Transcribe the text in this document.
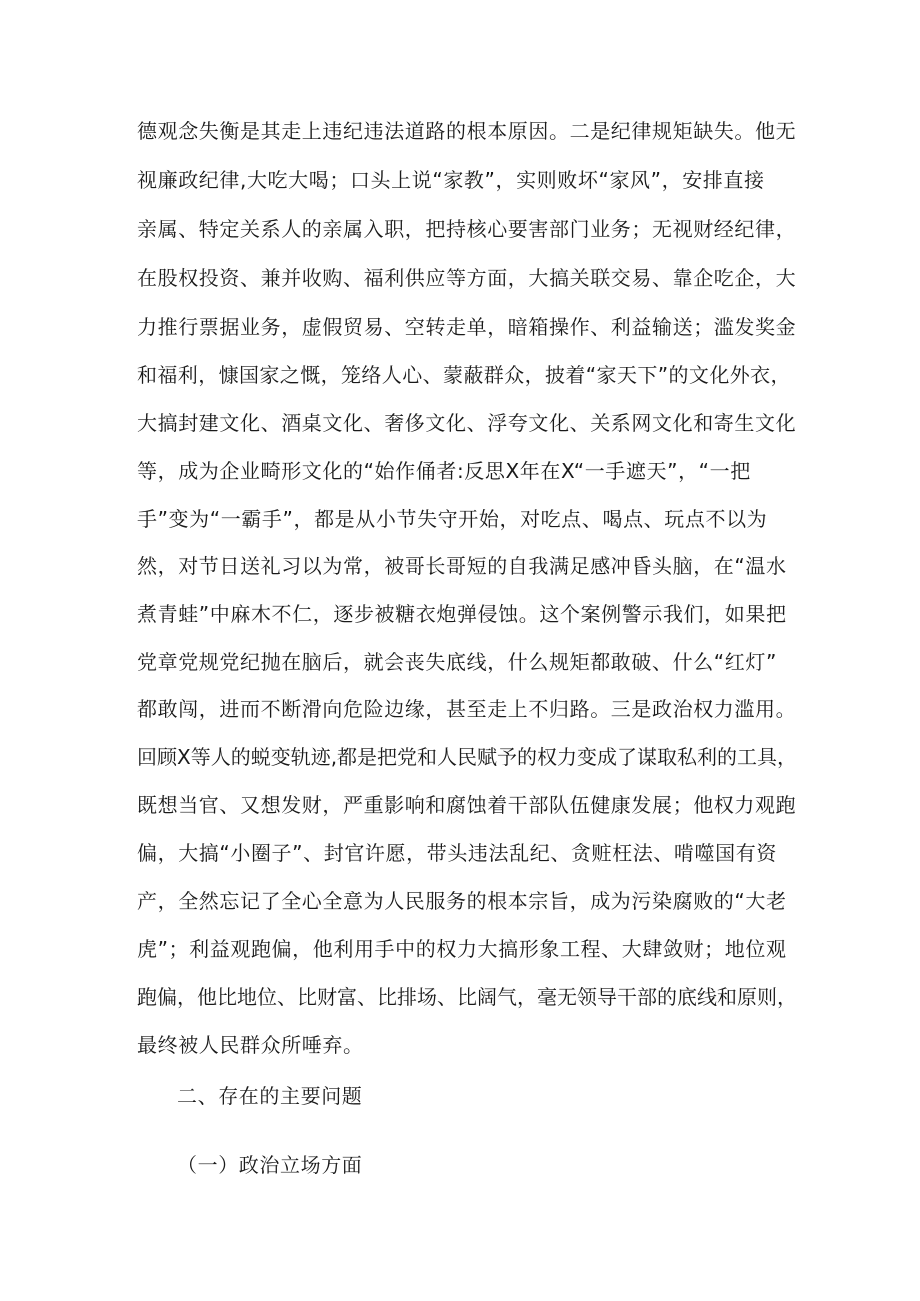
德观念失衡是其走上违纪违法道路的根本原因。二是纪律规矩缺失。他无
视廉政纪律,大吃大喝；口头上说“家教”，实则败坏“家风”，安排直接
亲属、特定关系人的亲属入职，把持核心要害部门业务；无视财经纪律，
在股权投资、兼并收购、福利供应等方面，大搞关联交易、靠企吃企，大
力推行票据业务，虚假贸易、空转走单，暗箱操作、利益输送；滥发奖金
和福利，慷国家之慨，笼络人心、蒙蔽群众，披着“家天下”的文化外衣，
大搞封建文化、酒桌文化、奢侈文化、浮夸文化、关系网文化和寄生文化
等，成为企业畸形文化的“始作俑者:反思X年在X“一手遮天”，“一把
手”变为“一霸手”，都是从小节失守开始，对吃点、喝点、玩点不以为
然，对节日送礼习以为常，被哥长哥短的自我满足感冲昏头脑，在“温水
煮青蛙”中麻木不仁，逐步被糖衣炮弹侵蚀。这个案例警示我们，如果把
党章党规党纪抛在脑后，就会丧失底线，什么规矩都敢破、什么“红灯”
都敢闯，进而不断滑向危险边缘，甚至走上不归路。三是政治权力滥用。
回顾X等人的蜕变轨迹,都是把党和人民赋予的权力变成了谋取私利的工具，
既想当官、又想发财，严重影响和腐蚀着干部队伍健康发展；他权力观跑
偏，大搞“小圈子”、封官许愿，带头违法乱纪、贪赃枉法、啃噬国有资
产，全然忘记了全心全意为人民服务的根本宗旨，成为污染腐败的“大老
虎”；利益观跑偏，他利用手中的权力大搞形象工程、大肆敛财；地位观
跑偏，他比地位、比财富、比排场、比阔气，毫无领导干部的底线和原则，
最终被人民群众所唾弃。
二、存在的主要问题
（一）政治立场方面
